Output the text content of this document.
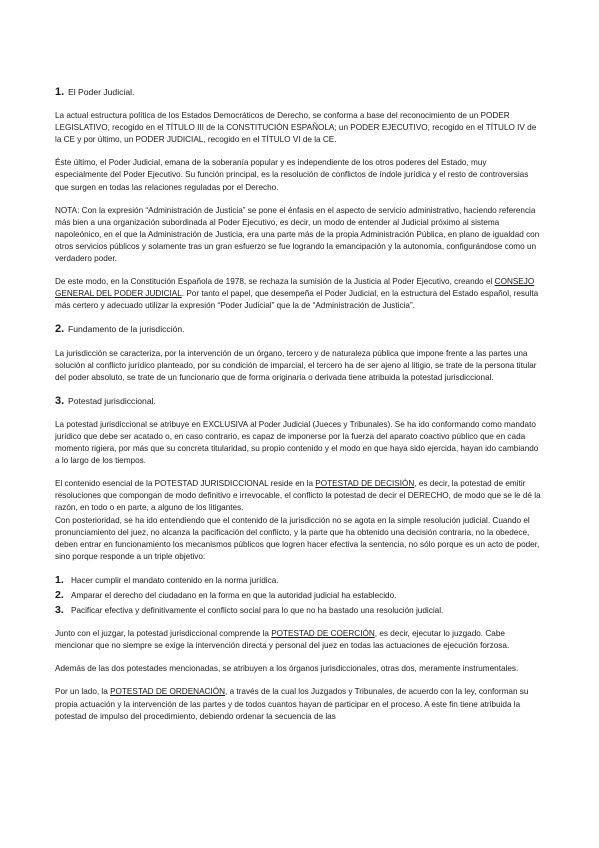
1. El Poder Judicial.

La actual estructura política de los Estados Democráticos de Derecho, se conforma a base del reconocimiento de un PODER LEGISLATIVO, recogido en el TÍTULO III de la CONSTITUCIÓN ESPAÑOLA; un PODER EJECUTIVO, recogido en el TÍTULO IV de

la CE y por último, un PODER JUDICIAL, recogido en el TÍTULO VI de la CE.

Éste último, el Poder Judicial, emana de la soberanía popular y es independiente de los otros poderes del Estado, muy especialmente del Poder Ejecutivo. Su función principal, es la resolución de conflictos de índole jurídica y el resto de controversias que surgen en todas las relaciones reguladas por el Derecho.

NOTA: Con la expresión “Administración de Justicia” se pone el énfasis en el aspecto de servicio administrativo, haciendo referencia más bien a una organización subordinada al Poder Ejecutivo, es decir, un modo de entender al Judicial próximo al sistema napoleónico, en el que la Administración de Justicia, era una parte más de la propia Administración Pública, en plano de igualdad con otros servicios públicos y solamente tras un gran esfuerzo se fue logrando la emancipación y la autonomía, configurándose como un verdadero poder.

De este modo, en la Constitución Española de 1978, se rechaza la sumisión de la Justicia al Poder Ejecutivo, creando el CONSEJO GENERAL DEL PODER JUDICIAL. Por tanto el papel, que desempeña el Poder Judicial, en la estructura del Estado español, resulta más certero y adecuado utilizar la expresión “Poder Judicial” que la de “Administración de Justicia”.

2. Fundamento de la jurisdicción.

La jurisdicción se caracteriza, por la intervención de un órgano, tercero y de naturaleza pública que impone frente a las partes una solución al conflicto jurídico planteado, por su condición de imparcial, el tercero ha de ser ajeno al litigio, se trate de la persona titular del poder absoluto, se trate de un funcionario que de forma originaria o derivada tiene atribuida la potestad jurisdiccional.

3. Potestad jurisdiccional.

La potestad jurisdiccional se atribuye en EXCLUSIVA al Poder Judicial (Jueces y Tribunales). Se ha ido conformando como mandato jurídico que debe ser acatado o, en caso contrario, es capaz de imponerse por la fuerza del aparato coactivo público que en cada momento rigiera, por más que su concreta titularidad, su propio contenido y el modo en que haya sido ejercida, hayan ido cambiando a lo largo de los tiempos.

El contenido esencial de la POTESTAD JURISDICCIONAL reside en la POTESTAD DE DECISIÓN, es decir, la potestad de emitir resoluciones que compongan de modo definitivo e irrevocable, el conflicto la potestad de decir el DERECHO, de modo que se le dé la razón, en todo o en parte, a alguno de los litigantes.

Con posterioridad, se ha ido entendiendo que el contenido de la jurisdicción no se agota en la simple resolución judicial. Cuando el pronunciamiento del juez, no alcanza la pacificación del conflicto, y la parte que ha obtenido una decisión contraria, no la obedece, deben entrar en funcionamiento los mecanismos públicos que logren hacer efectiva la sentencia, no sólo porque es un acto de poder, sino porque responde a un triple objetivo:

1. Hacer cumplir el mandato contenido en la norma jurídica.
2. Amparar el derecho del ciudadano en la forma en que la autoridad judicial ha establecido.
3. Pacificar efectiva y definitivamente el conflicto social para lo que no ha bastado una resolución judicial.

Junto con el juzgar, la potestad jurisdiccional comprende la POTESTAD DE COERCIÓN, es decir, ejecutar lo juzgado. Cabe mencionar que no siempre se exige la intervención directa y personal del juez en todas las actuaciones de ejecución forzosa.

Además de las dos potestades mencionadas, se atribuyen a los órganos jurisdiccionales, otras dos, meramente instrumentales.

Por un lado, la POTESTAD DE ORDENACIÓN, a través de la cual los Juzgados y Tribunales, de acuerdo con la ley, conforman su propia actuación y la intervención de las partes y de todos cuantos hayan de participar en el proceso. A este fin tiene atribuida la potestad de impulso del procedimiento, debiendo ordenar la secuencia de las
